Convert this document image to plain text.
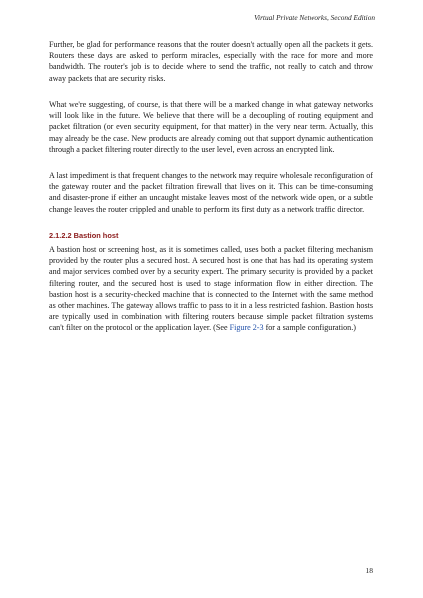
Virtual Private Networks, Second Edition

Further, be glad for performance reasons that the router doesn't actually open all the packets it gets. Routers these days are asked to perform miracles, especially with the race for more and more bandwidth. The router's job is to decide where to send the traffic, not really to catch and throw away packets that are security risks.

What we're suggesting, of course, is that there will be a marked change in what gateway networks will look like in the future. We believe that there will be a decoupling of routing equipment and packet filtration (or even security equipment, for that matter) in the very near term. Actually, this may already be the case. New products are already coming out that support dynamic authentication through a packet filtering router directly to the user level, even across an encrypted link.

A last impediment is that frequent changes to the network may require wholesale reconfiguration of the gateway router and the packet filtration firewall that lives on it. This can be time-consuming and disaster-prone if either an uncaught mistake leaves most of the network wide open, or a subtle change leaves the router crippled and unable to perform its first duty as a network traffic director.

2.1.2.2 Bastion host

A bastion host or screening host, as it is sometimes called, uses both a packet filtering mechanism provided by the router plus a secured host. A secured host is one that has had its operating system and major services combed over by a security expert. The primary security is provided by a packet filtering router, and the secured host is used to stage information flow in either direction. The bastion host is a security-checked machine that is connected to the Internet with the same method as other machines. The gateway allows traffic to pass to it in a less restricted fashion. Bastion hosts are typically used in combination with filtering routers because simple packet filtration systems can't filter on the protocol or the application layer. (See Figure 2-3 for a sample configuration.)

18
